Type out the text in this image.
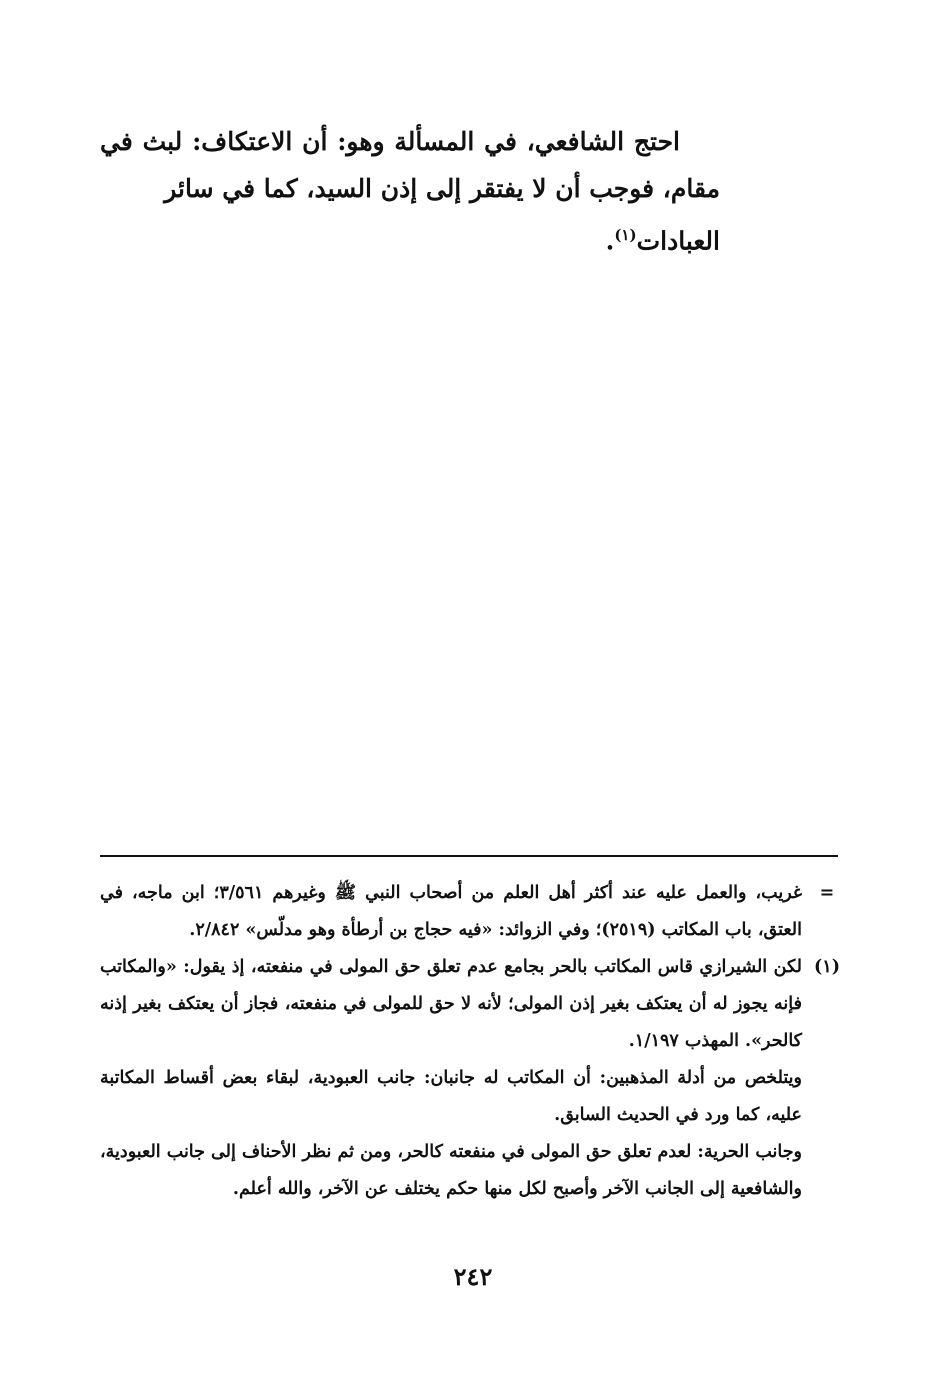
احتج الشافعي، في المسألة وهو: أن الاعتكاف: لبث في مقام، فوجب أن لا يفتقر إلى إذن السيد، كما في سائر

العبادات$^{(١)}$.

=

غريب، والعمل عليه عند أكثر أهل العلم من أصحاب النبي ﷺ وغيرهم ٣/٥٦١؛ ابن ماجه، في العتق، باب المكاتب (٢٥١٩)؛ وفي الزوائد: «فيه حجاج بن أرطأة وهو مدلّس» ٢/٨٤٢.

(١)

لكن الشيرازي قاس المكاتب بالحر بجامع عدم تعلق حق المولى في منفعته، إذ يقول: «والمكاتب فإنه يجوز له أن يعتكف بغير إذن المولى؛ لأنه لا حق للمولى في منفعته، فجاز أن يعتكف بغير إذنه كالحر». المهذب ١/١٩٧.

ويتلخص من أدلة المذهبين: أن المكاتب له جانبان: جانب العبودية، لبقاء بعض أقساط المكاتبة عليه، كما ورد في الحديث السابق.

وجانب الحرية: لعدم تعلق حق المولى في منفعته كالحر، ومن ثم نظر الأحناف إلى جانب العبودية، والشافعية إلى الجانب الآخر وأصبح لكل منها حكم يختلف عن الآخر، والله أعلم.

٢٤٢
